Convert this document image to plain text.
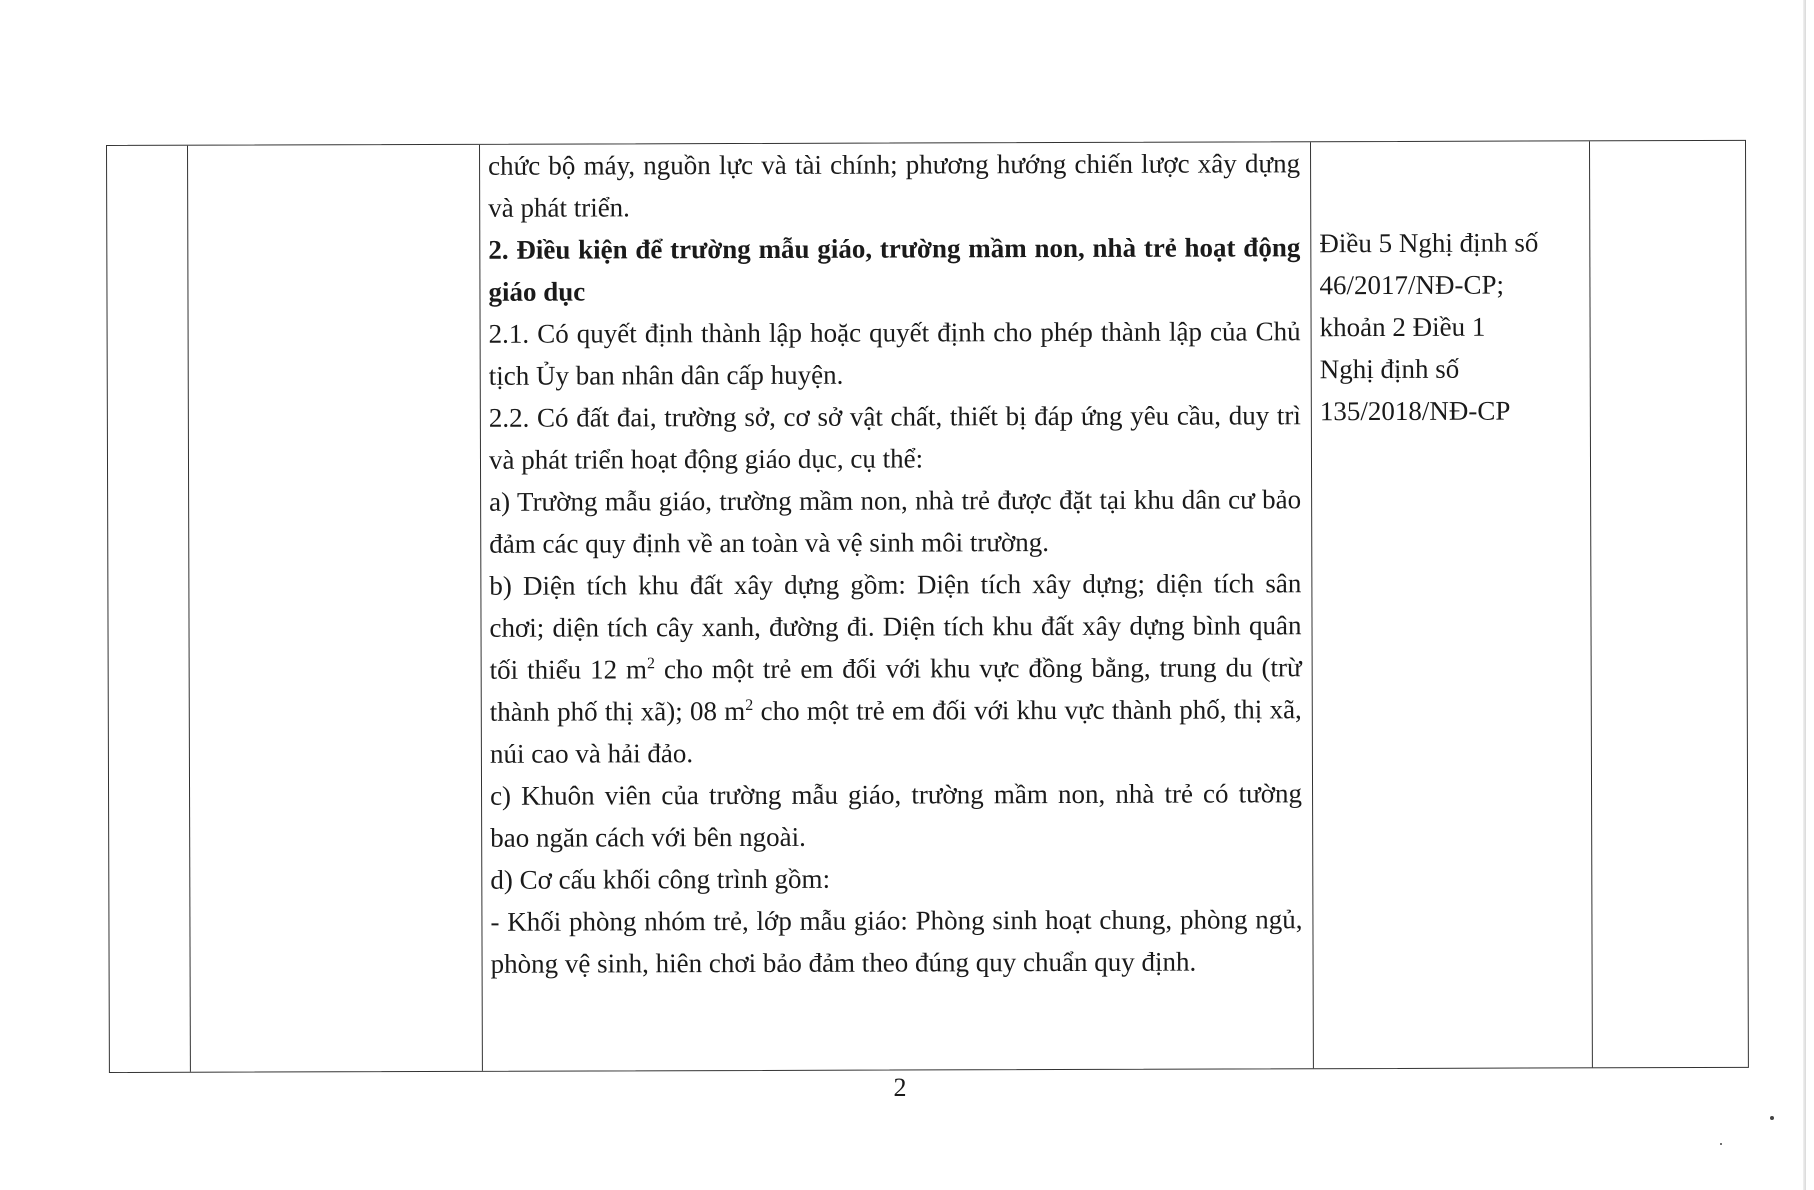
chức bộ máy, nguồn lực và tài chính; phương hướng chiến lược xây dựng và phát triển.

2. Điều kiện để trường mẫu giáo, trường mầm non, nhà trẻ hoạt động giáo dục

2.1. Có quyết định thành lập hoặc quyết định cho phép thành lập của Chủ tịch Ủy ban nhân dân cấp huyện.

2.2. Có đất đai, trường sở, cơ sở vật chất, thiết bị đáp ứng yêu cầu, duy trì và phát triển hoạt động giáo dục, cụ thể:

a) Trường mẫu giáo, trường mầm non, nhà trẻ được đặt tại khu dân cư bảo đảm các quy định về an toàn và vệ sinh môi trường.

b) Diện tích khu đất xây dựng gồm: Diện tích xây dựng; diện tích sân chơi; diện tích cây xanh, đường đi. Diện tích khu đất xây dựng bình quân tối thiểu 12 $m^2$ cho một trẻ em đối với khu vực đồng bằng, trung du (trừ thành phố thị xã); 08 $m^2$ cho một trẻ em đối với khu vực thành phố, thị xã, núi cao và hải đảo.

c) Khuôn viên của trường mẫu giáo, trường mầm non, nhà trẻ có tường bao ngăn cách với bên ngoài.

d) Cơ cấu khối công trình gồm:

- Khối phòng nhóm trẻ, lớp mẫu giáo: Phòng sinh hoạt chung, phòng ngủ, phòng vệ sinh, hiên chơi bảo đảm theo đúng quy chuẩn quy định.

Điều 5 Nghị định số
46/2017/NĐ-CP;
khoản 2 Điều 1
Nghị định số
135/2018/NĐ-CP

2
